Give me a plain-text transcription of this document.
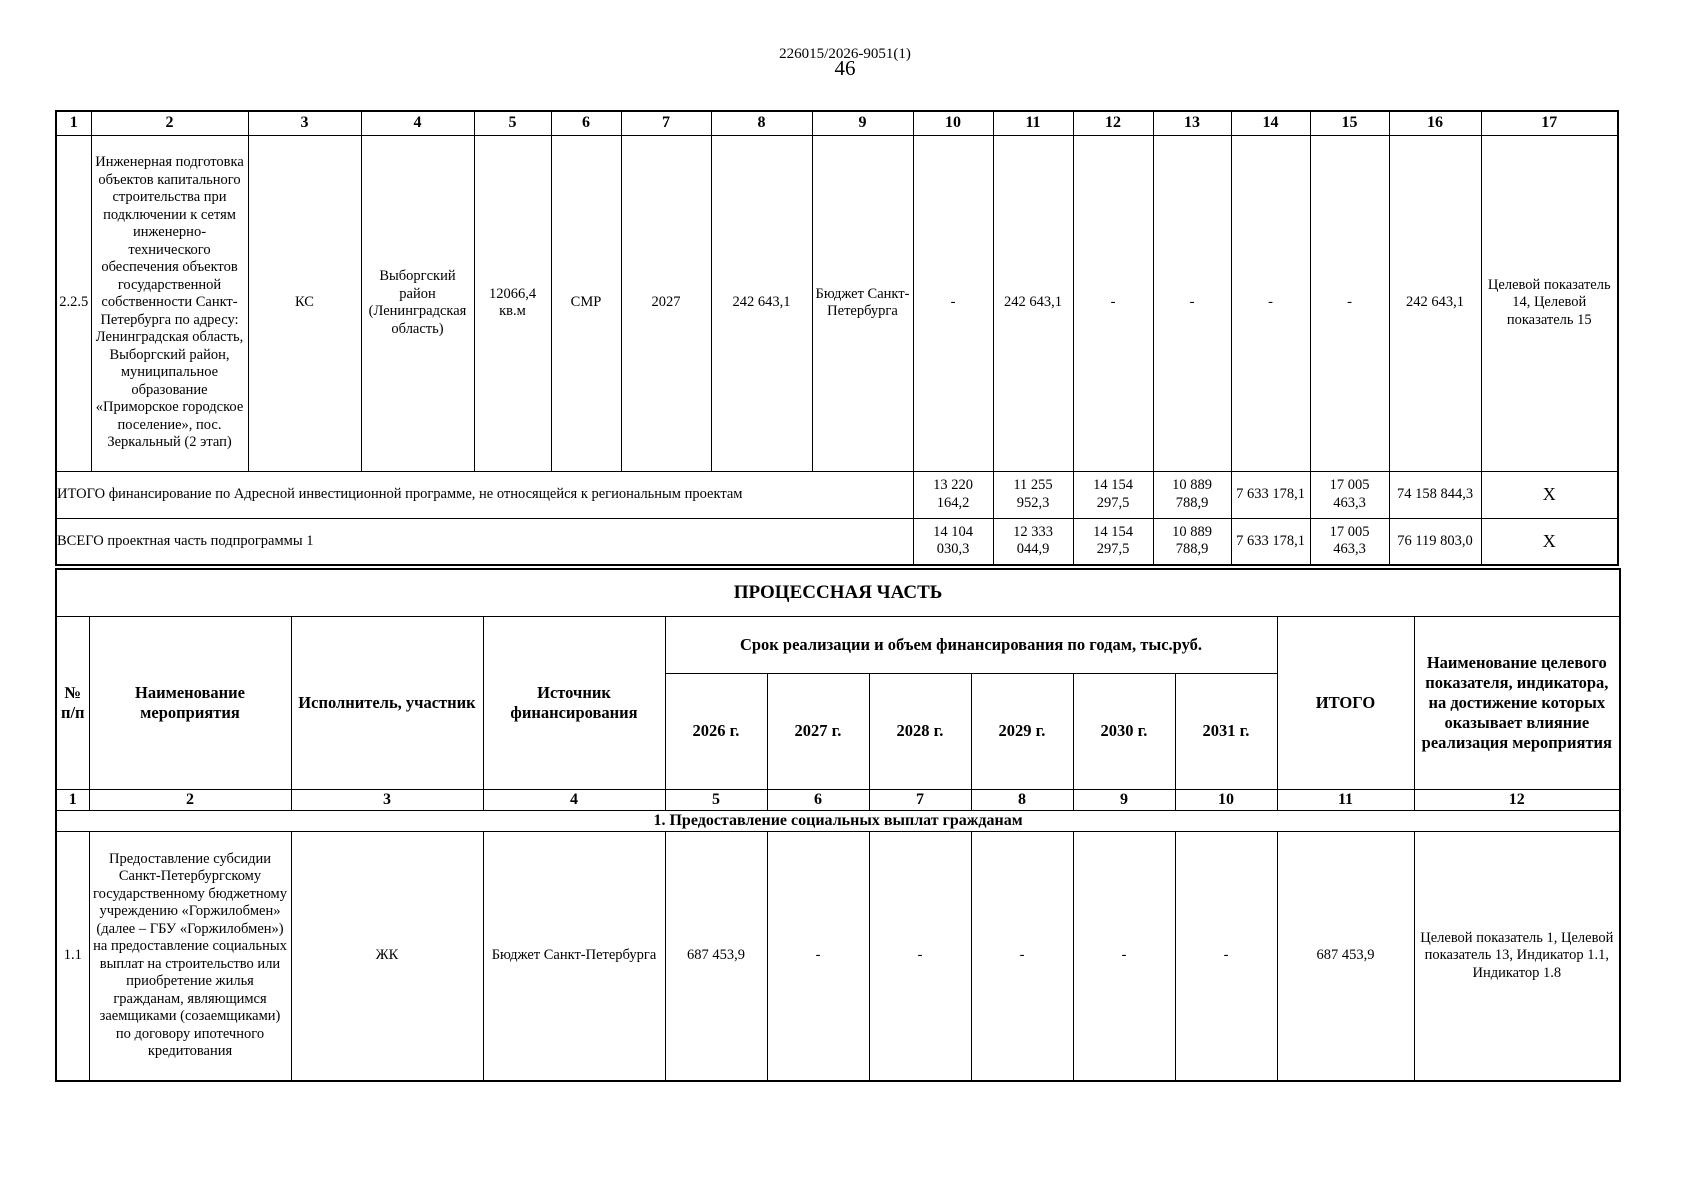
226015/2026-9051(1)
46
1	2	3	4	5	6	7	8	9	10	11	12	13	14	15	16	17
2.2.5	Инженерная подготовка объектов капитального строительства при подключении к сетям инженерно-технического обеспечения объектов государственной собственности Санкт-Петербурга по адресу: Ленинградская область, Выборгский район, муниципальное образование «Приморское городское поселение», пос. Зеркальный (2 этап)	КС	Выборгский район (Ленинградская область)	12066,4 кв.м	СМР	2027	242 643,1	Бюджет Санкт-Петербурга	-	242 643,1	-	-	-	-	242 643,1	Целевой показатель 14, Целевой показатель 15
ИТОГО финансирование по Адресной инвестиционной программе, не относящейся к региональным проектам									13 220 164,2	11 255 952,3	14 154 297,5	10 889 788,9	7 633 178,1	17 005 463,3	74 158 844,3	X
ВСЕГО проектная часть подпрограммы 1									14 104 030,3	12 333 044,9	14 154 297,5	10 889 788,9	7 633 178,1	17 005 463,3	76 119 803,0	X
ПРОЦЕССНАЯ ЧАСТЬ											
№ п/п	Наименование мероприятия	Исполнитель, участник	Источник финансирования	Срок реализации и объем финансирования по годам, тыс.руб.						ИТОГО	Наименование целевого показателя, индикатора, на достижение которых оказывает влияние реализация мероприятия
				2026 г.	2027 г.	2028 г.	2029 г.	2030 г.	2031 г.		
1	2	3	4	5	6	7	8	9	10	11	12
1. Предоставление социальных выплат гражданам											
1.1	Предоставление субсидии Санкт-Петербургскому государственному бюджетному учреждению «Горжилобмен» (далее – ГБУ «Горжилобмен») на предоставление социальных выплат на строительство или приобретение жилья гражданам, являющимся заемщиками (созаемщиками) по договору ипотечного кредитования	ЖК	Бюджет Санкт-Петербурга	687 453,9	-	-	-	-	-	687 453,9	Целевой показатель 1, Целевой показатель 13, Индикатор 1.1, Индикатор 1.8
